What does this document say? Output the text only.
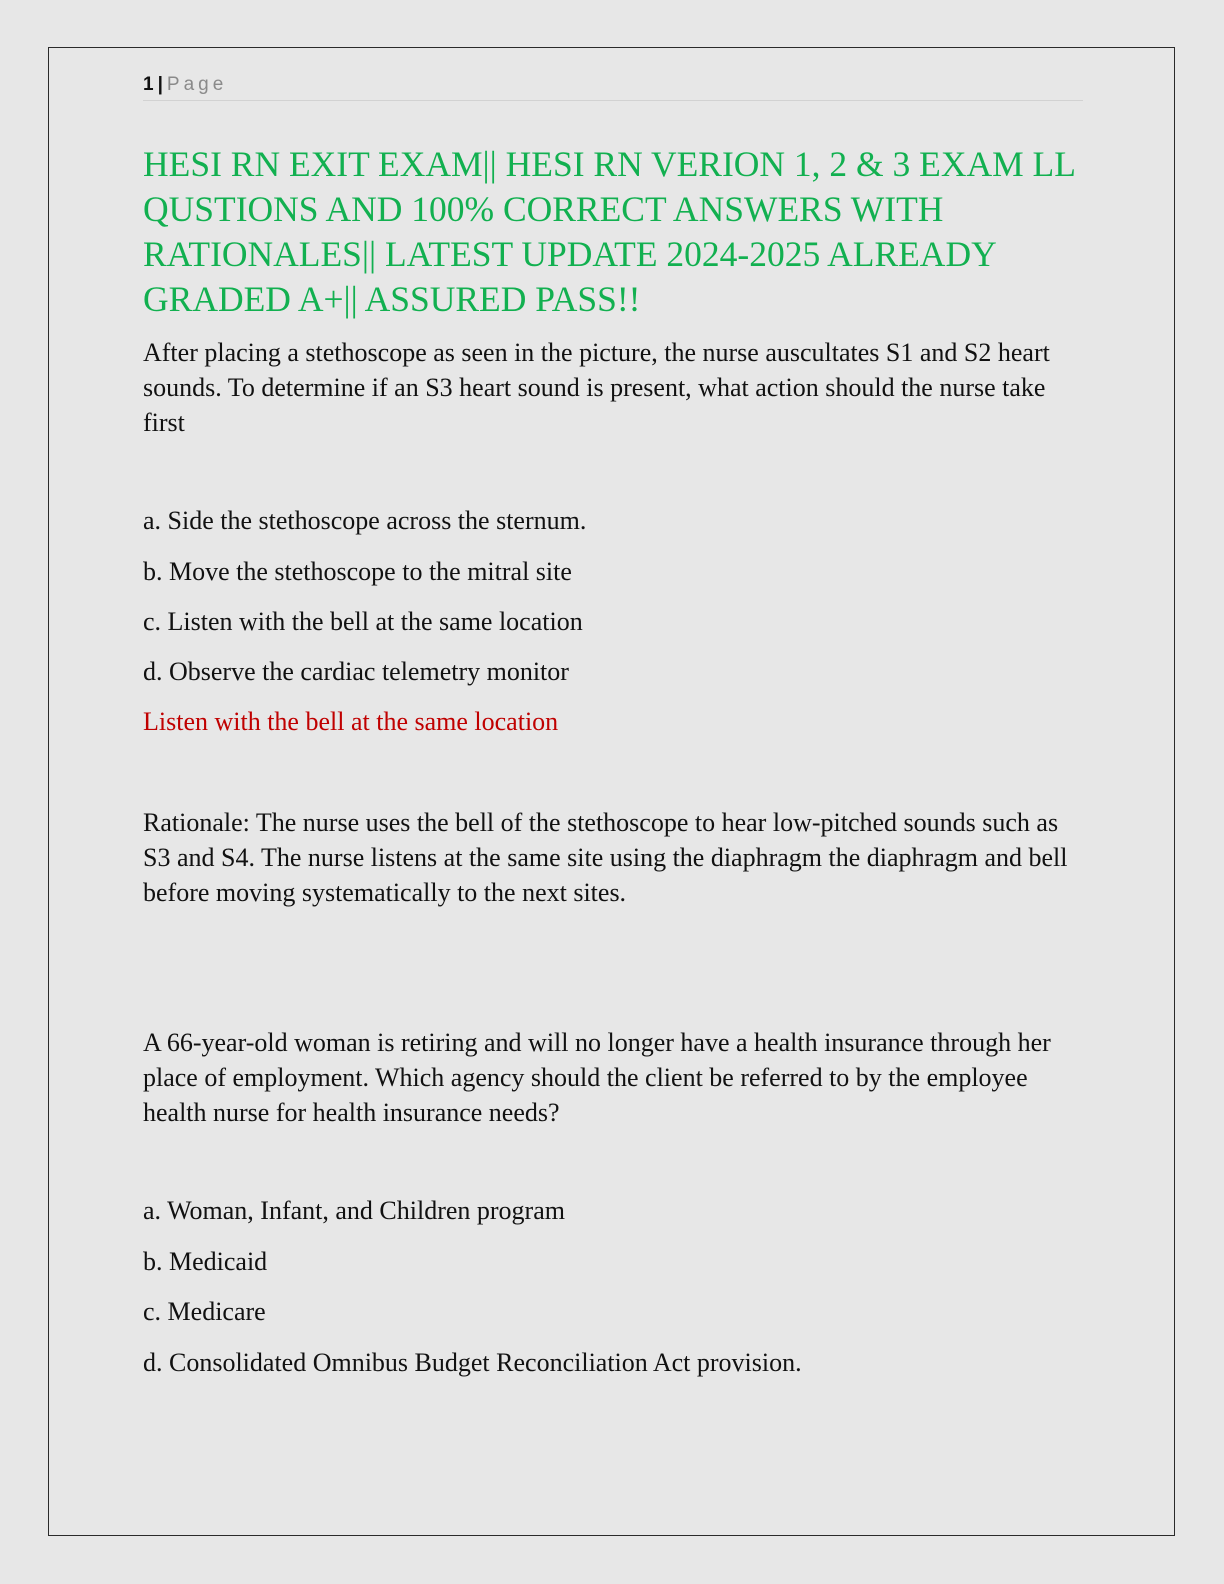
1 | Page
HESI RN EXIT EXAM|| HESI RN VERION 1, 2 & 3 EXAM LL QUSTIONS AND 100% CORRECT ANSWERS WITH RATIONALES|| LATEST UPDATE 2024-2025 ALREADY GRADED A+|| ASSURED PASS!!

After placing a stethoscope as seen in the picture, the nurse auscultates S1 and S2 heart sounds. To determine if an S3 heart sound is present, what action should the nurse take first

a. Side the stethoscope across the sternum.

b. Move the stethoscope to the mitral site

c. Listen with the bell at the same location

d. Observe the cardiac telemetry monitor

Listen with the bell at the same location

Rationale: The nurse uses the bell of the stethoscope to hear low-pitched sounds such as S3 and S4. The nurse listens at the same site using the diaphragm the diaphragm and bell before moving systematically to the next sites.

A 66-year-old woman is retiring and will no longer have a health insurance through her place of employment. Which agency should the client be referred to by the employee health nurse for health insurance needs?

a. Woman, Infant, and Children program

b. Medicaid

c. Medicare

d. Consolidated Omnibus Budget Reconciliation Act provision.
